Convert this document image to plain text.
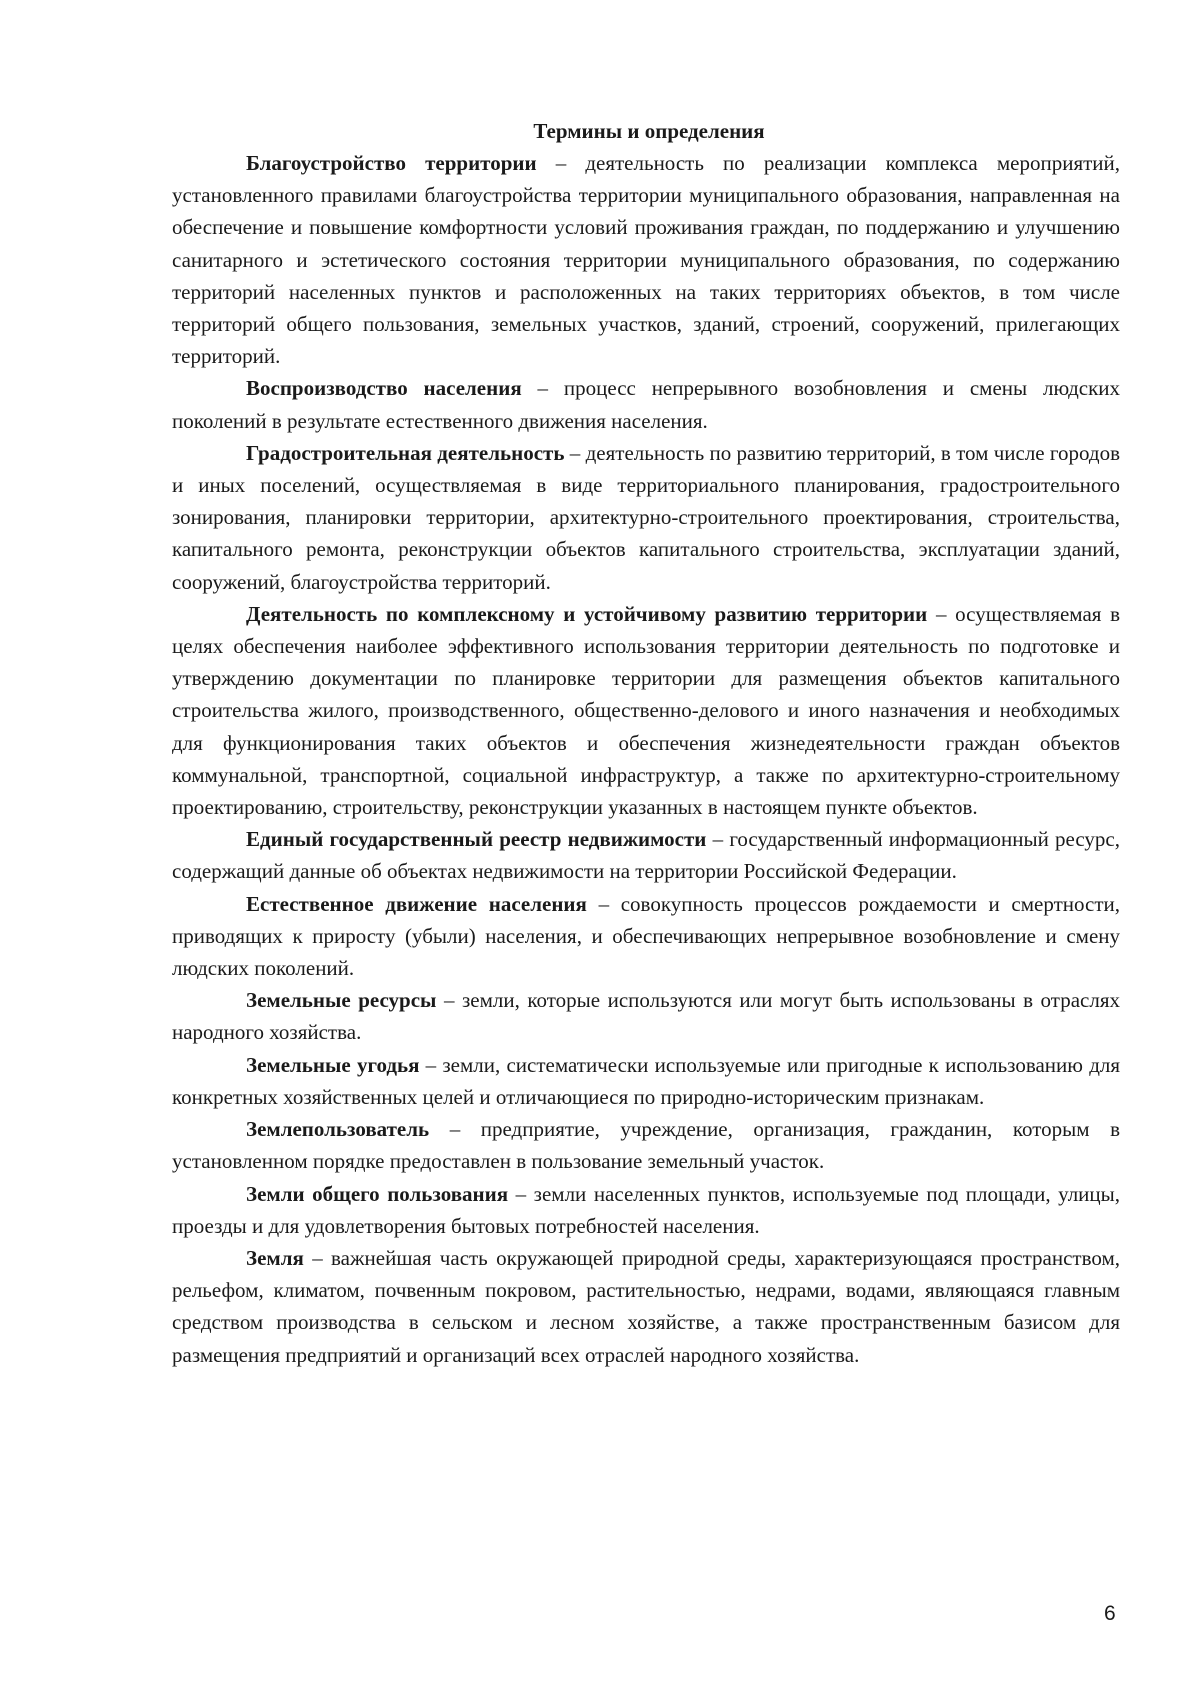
Термины и определения

Благоустройство территории – деятельность по реализации комплекса мероприятий, установленного правилами благоустройства территории муниципального образования, направленная на обеспечение и повышение комфортности условий проживания граждан, по поддержанию и улучшению санитарного и эстетического состояния территории муниципального образования, по содержанию территорий населенных пунктов и расположенных на таких территориях объектов, в том числе территорий общего пользования, земельных участков, зданий, строений, сооружений, прилегающих территорий.

Воспроизводство населения – процесс непрерывного возобновления и смены людских поколений в результате естественного движения населения.

Градостроительная деятельность – деятельность по развитию территорий, в том числе городов и иных поселений, осуществляемая в виде территориального планирования, градостроительного зонирования, планировки территории, архитектурно-строительного проектирования, строительства, капитального ремонта, реконструкции объектов капитального строительства, эксплуатации зданий, сооружений, благоустройства территорий.

Деятельность по комплексному и устойчивому развитию территории – осуществляемая в целях обеспечения наиболее эффективного использования территории деятельность по подготовке и утверждению документации по планировке территории для размещения объектов капитального строительства жилого, производственного, общественно-делового и иного назначения и необходимых для функционирования таких объектов и обеспечения жизнедеятельности граждан объектов коммунальной, транспортной, социальной инфраструктур, а также по архитектурно-строительному проектированию, строительству, реконструкции указанных в настоящем пункте объектов.

Единый государственный реестр недвижимости – государственный информационный ресурс, содержащий данные об объектах недвижимости на территории Российской Федерации.

Естественное движение населения – совокупность процессов рождаемости и смертности, приводящих к приросту (убыли) населения, и обеспечивающих непрерывное возобновление и смену людских поколений.

Земельные ресурсы – земли, которые используются или могут быть использованы в отраслях народного хозяйства.

Земельные угодья – земли, систематически используемые или пригодные к использованию для конкретных хозяйственных целей и отличающиеся по природно-историческим признакам.

Землепользователь – предприятие, учреждение, организация, гражданин, которым в установленном порядке предоставлен в пользование земельный участок.

Земли общего пользования – земли населенных пунктов, используемые под площади, улицы, проезды и для удовлетворения бытовых потребностей населения.

Земля – важнейшая часть окружающей природной среды, характеризующаяся пространством, рельефом, климатом, почвенным покровом, растительностью, недрами, водами, являющаяся главным средством производства в сельском и лесном хозяйстве, а также пространственным базисом для размещения предприятий и организаций всех отраслей народного хозяйства.

6
